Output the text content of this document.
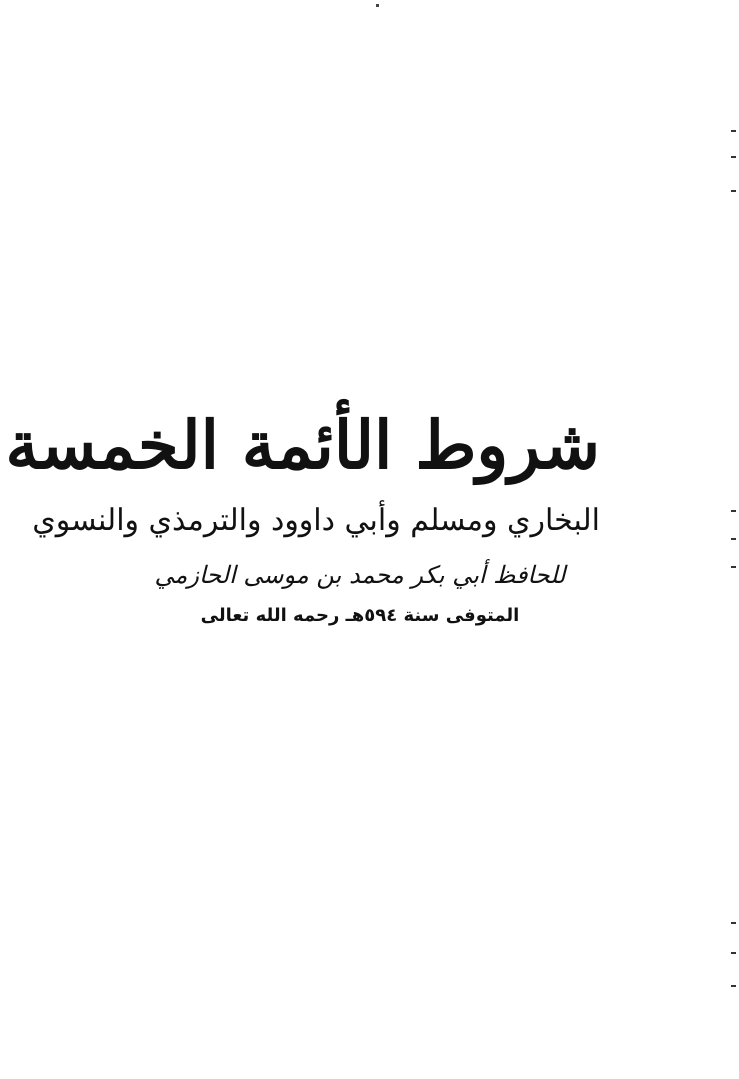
شروط الأئمة الخمسة
البخاري ومسلم وأبي داوود والترمذي والنسوي
للحافظ أبي بكر محمد بن موسى الحازمي
المتوفى سنة ٥٩٤هـ رحمه الله تعالى
